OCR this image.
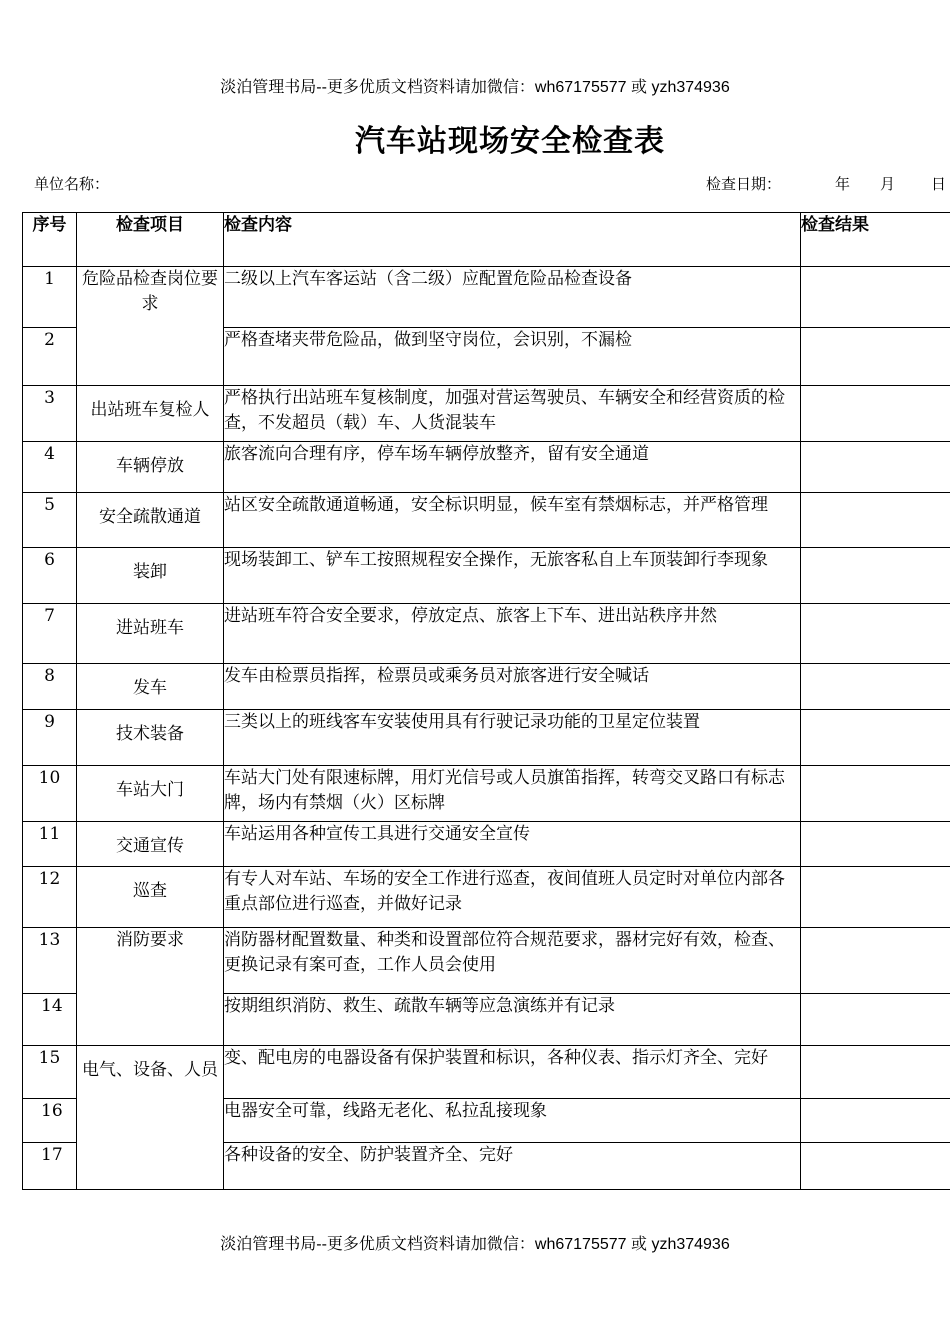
淡泊管理书局--更多优质文档资料请加微信：wh67175577 或 yzh374936
汽车站现场安全检查表
单位名称：	检查日期：	年 月 日
序号	检查项目	检查内容	检查结果
1	危险品检查岗位要求	二级以上汽车客运站（含二级）应配置危险品检查设备	
2		严格查堵夹带危险品，做到坚守岗位，会识别，不漏检	
3	出站班车复检人	严格执行出站班车复核制度，加强对营运驾驶员、车辆安全和经营资质的检查，不发超员（载）车、人货混装车	
4	车辆停放	旅客流向合理有序，停车场车辆停放整齐，留有安全通道	
5	安全疏散通道	站区安全疏散通道畅通，安全标识明显，候车室有禁烟标志，并严格管理	
6	装卸	现场装卸工、铲车工按照规程安全操作，无旅客私自上车顶装卸行李现象	
7	进站班车	进站班车符合安全要求，停放定点、旅客上下车、进出站秩序井然	
8	发车	发车由检票员指挥，检票员或乘务员对旅客进行安全喊话	
9	技术装备	三类以上的班线客车安装使用具有行驶记录功能的卫星定位装置	
10	车站大门	车站大门处有限速标牌，用灯光信号或人员旗笛指挥，转弯交叉路口有标志牌，场内有禁烟（火）区标牌	
11	交通宣传	车站运用各种宣传工具进行交通安全宣传	
12	巡查	有专人对车站、车场的安全工作进行巡查，夜间值班人员定时对单位内部各重点部位进行巡查，并做好记录	
13	消防要求	消防器材配置数量、种类和设置部位符合规范要求，器材完好有效，检查、更换记录有案可查，工作人员会使用	
14		按期组织消防、救生、疏散车辆等应急演练并有记录	
15	电气、设备、人员	变、配电房的电器设备有保护装置和标识，各种仪表、指示灯齐全、完好	
16		电器安全可靠，线路无老化、私拉乱接现象	
17		各种设备的安全、防护装置齐全、完好	
淡泊管理书局--更多优质文档资料请加微信：wh67175577 或 yzh374936
